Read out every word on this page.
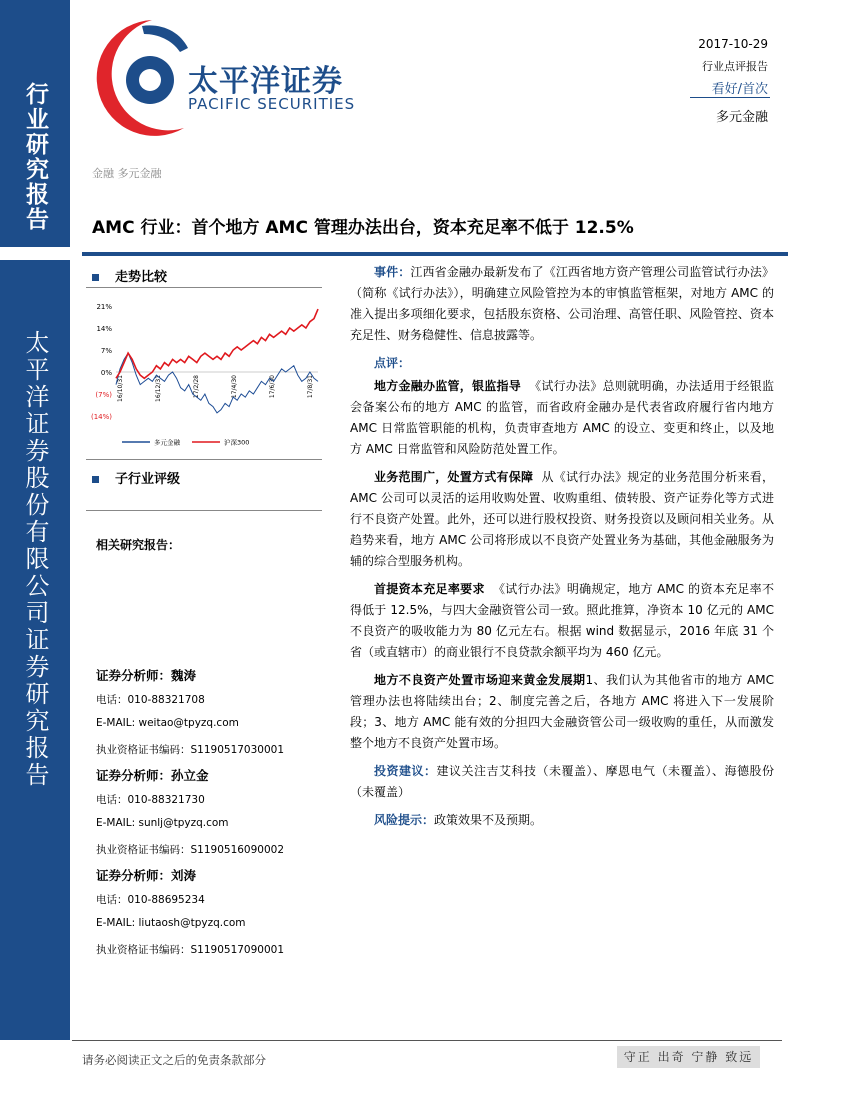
行业研究报告
太平洋证券股份有限公司证券研究报告
太平洋证券
PACIFIC SECURITIES
2017-10-29
行业点评报告
看好/首次
多元金融
金融 多元金融
AMC 行业：首个地方 AMC 管理办法出台，资本充足率不低于 12.5%
走势比较
21%
14%
7%
0%
(7%)
(14%)
16/10/31	16/12/31	17/2/28	17/4/30	17/6/30	17/8/31
多元金融	沪深300
子行业评级
相关研究报告：
证券分析师：魏涛
电话：010-88321708
E-MAIL: weitao@tpyzq.com
执业资格证书编码：S1190517030001
证券分析师：孙立金
电话：010-88321730
E-MAIL: sunlj@tpyzq.com
执业资格证书编码：S1190516090002
证券分析师：刘涛
电话：010-88695234
E-MAIL: liutaosh@tpyzq.com
执业资格证书编码：S1190517090001

事件：江西省金融办最新发布了《江西省地方资产管理公司监管试行办法》（简称《试行办法》），明确建立风险管控为本的审慎监管框架，对地方 AMC 的准入提出多项细化要求，包括股东资格、公司治理、高管任职、风险管控、资本充足性、财务稳健性、信息披露等。

点评：

地方金融办监管，银监指导 《试行办法》总则就明确，办法适用于经银监会备案公布的地方 AMC 的监管，而省政府金融办是代表省政府履行省内地方 AMC 日常监管职能的机构，负责审查地方 AMC 的设立、变更和终止，以及地方 AMC 日常监管和风险防范处置工作。

业务范围广，处置方式有保障 从《试行办法》规定的业务范围分析来看，AMC 公司可以灵活的运用收购处置、收购重组、债转股、资产证券化等方式进行不良资产处置。此外，还可以进行股权投资、财务投资以及顾问相关业务。从趋势来看，地方 AMC 公司将形成以不良资产处置业务为基础，其他金融服务为辅的综合型服务机构。

首提资本充足率要求 《试行办法》明确规定，地方 AMC 的资本充足率不得低于 12.5%，与四大金融资管公司一致。照此推算，净资本 10 亿元的 AMC 不良资产的吸收能力为 80 亿元左右。根据 wind 数据显示，2016 年底 31 个省（或直辖市）的商业银行不良贷款余额平均为 460 亿元。

地方不良资产处置市场迎来黄金发展期1、我们认为其他省市的地方 AMC 管理办法也将陆续出台；2、制度完善之后，各地方 AMC 将进入下一发展阶段；3、地方 AMC 能有效的分担四大金融资管公司一级收购的重任，从而激发整个地方不良资产处置市场。

投资建议：建议关注吉艾科技（未覆盖）、摩恩电气（未覆盖）、海德股份（未覆盖）

风险提示：政策效果不及预期。

请务必阅读正文之后的免责条款部分	守正 出奇 宁静 致远
